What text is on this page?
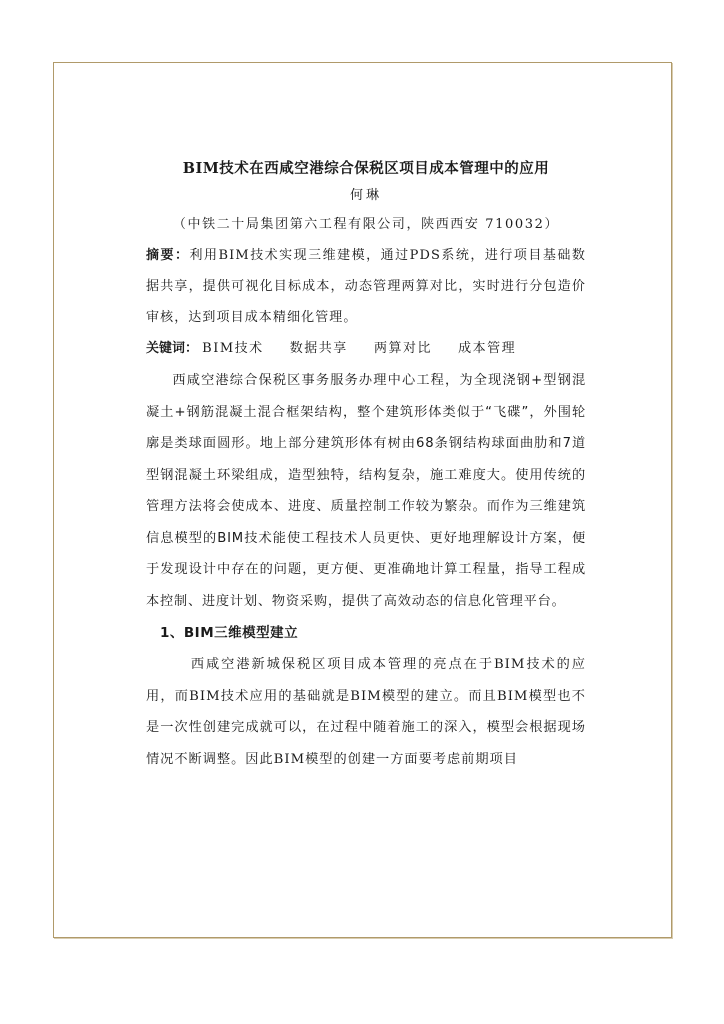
BIM技术在西咸空港综合保税区项目成本管理中的应用
何琳
（中铁二十局集团第六工程有限公司，陕西西安 710032）
摘要：利用BIM技术实现三维建模，通过PDS系统，进行项目基础数据共享，提供可视化目标成本，动态管理两算对比，实时进行分包造价审核，达到项目成本精细化管理。
关键词： BIM技术 数据共享 两算对比 成本管理
西咸空港综合保税区事务服务办理中心工程，为全现浇钢+型钢混凝土+钢筋混凝土混合框架结构，整个建筑形体类似于“飞碟”，外围轮廓是类球面圆形。地上部分建筑形体有树由68条钢结构球面曲肋和7道型钢混凝土环梁组成，造型独特，结构复杂，施工难度大。使用传统的管理方法将会使成本、进度、质量控制工作较为繁杂。而作为三维建筑信息模型的BIM技术能使工程技术人员更快、更好地理解设计方案，便于发现设计中存在的问题，更方便、更准确地计算工程量，指导工程成本控制、进度计划、物资采购，提供了高效动态的信息化管理平台。
1、BIM三维模型建立
西咸空港新城保税区项目成本管理的亮点在于BIM技术的应用，而BIM技术应用的基础就是BIM模型的建立。而且BIM模型也不是一次性创建完成就可以，在过程中随着施工的深入，模型会根据现场情况不断调整。因此BIM模型的创建一方面要考虑前期项目
